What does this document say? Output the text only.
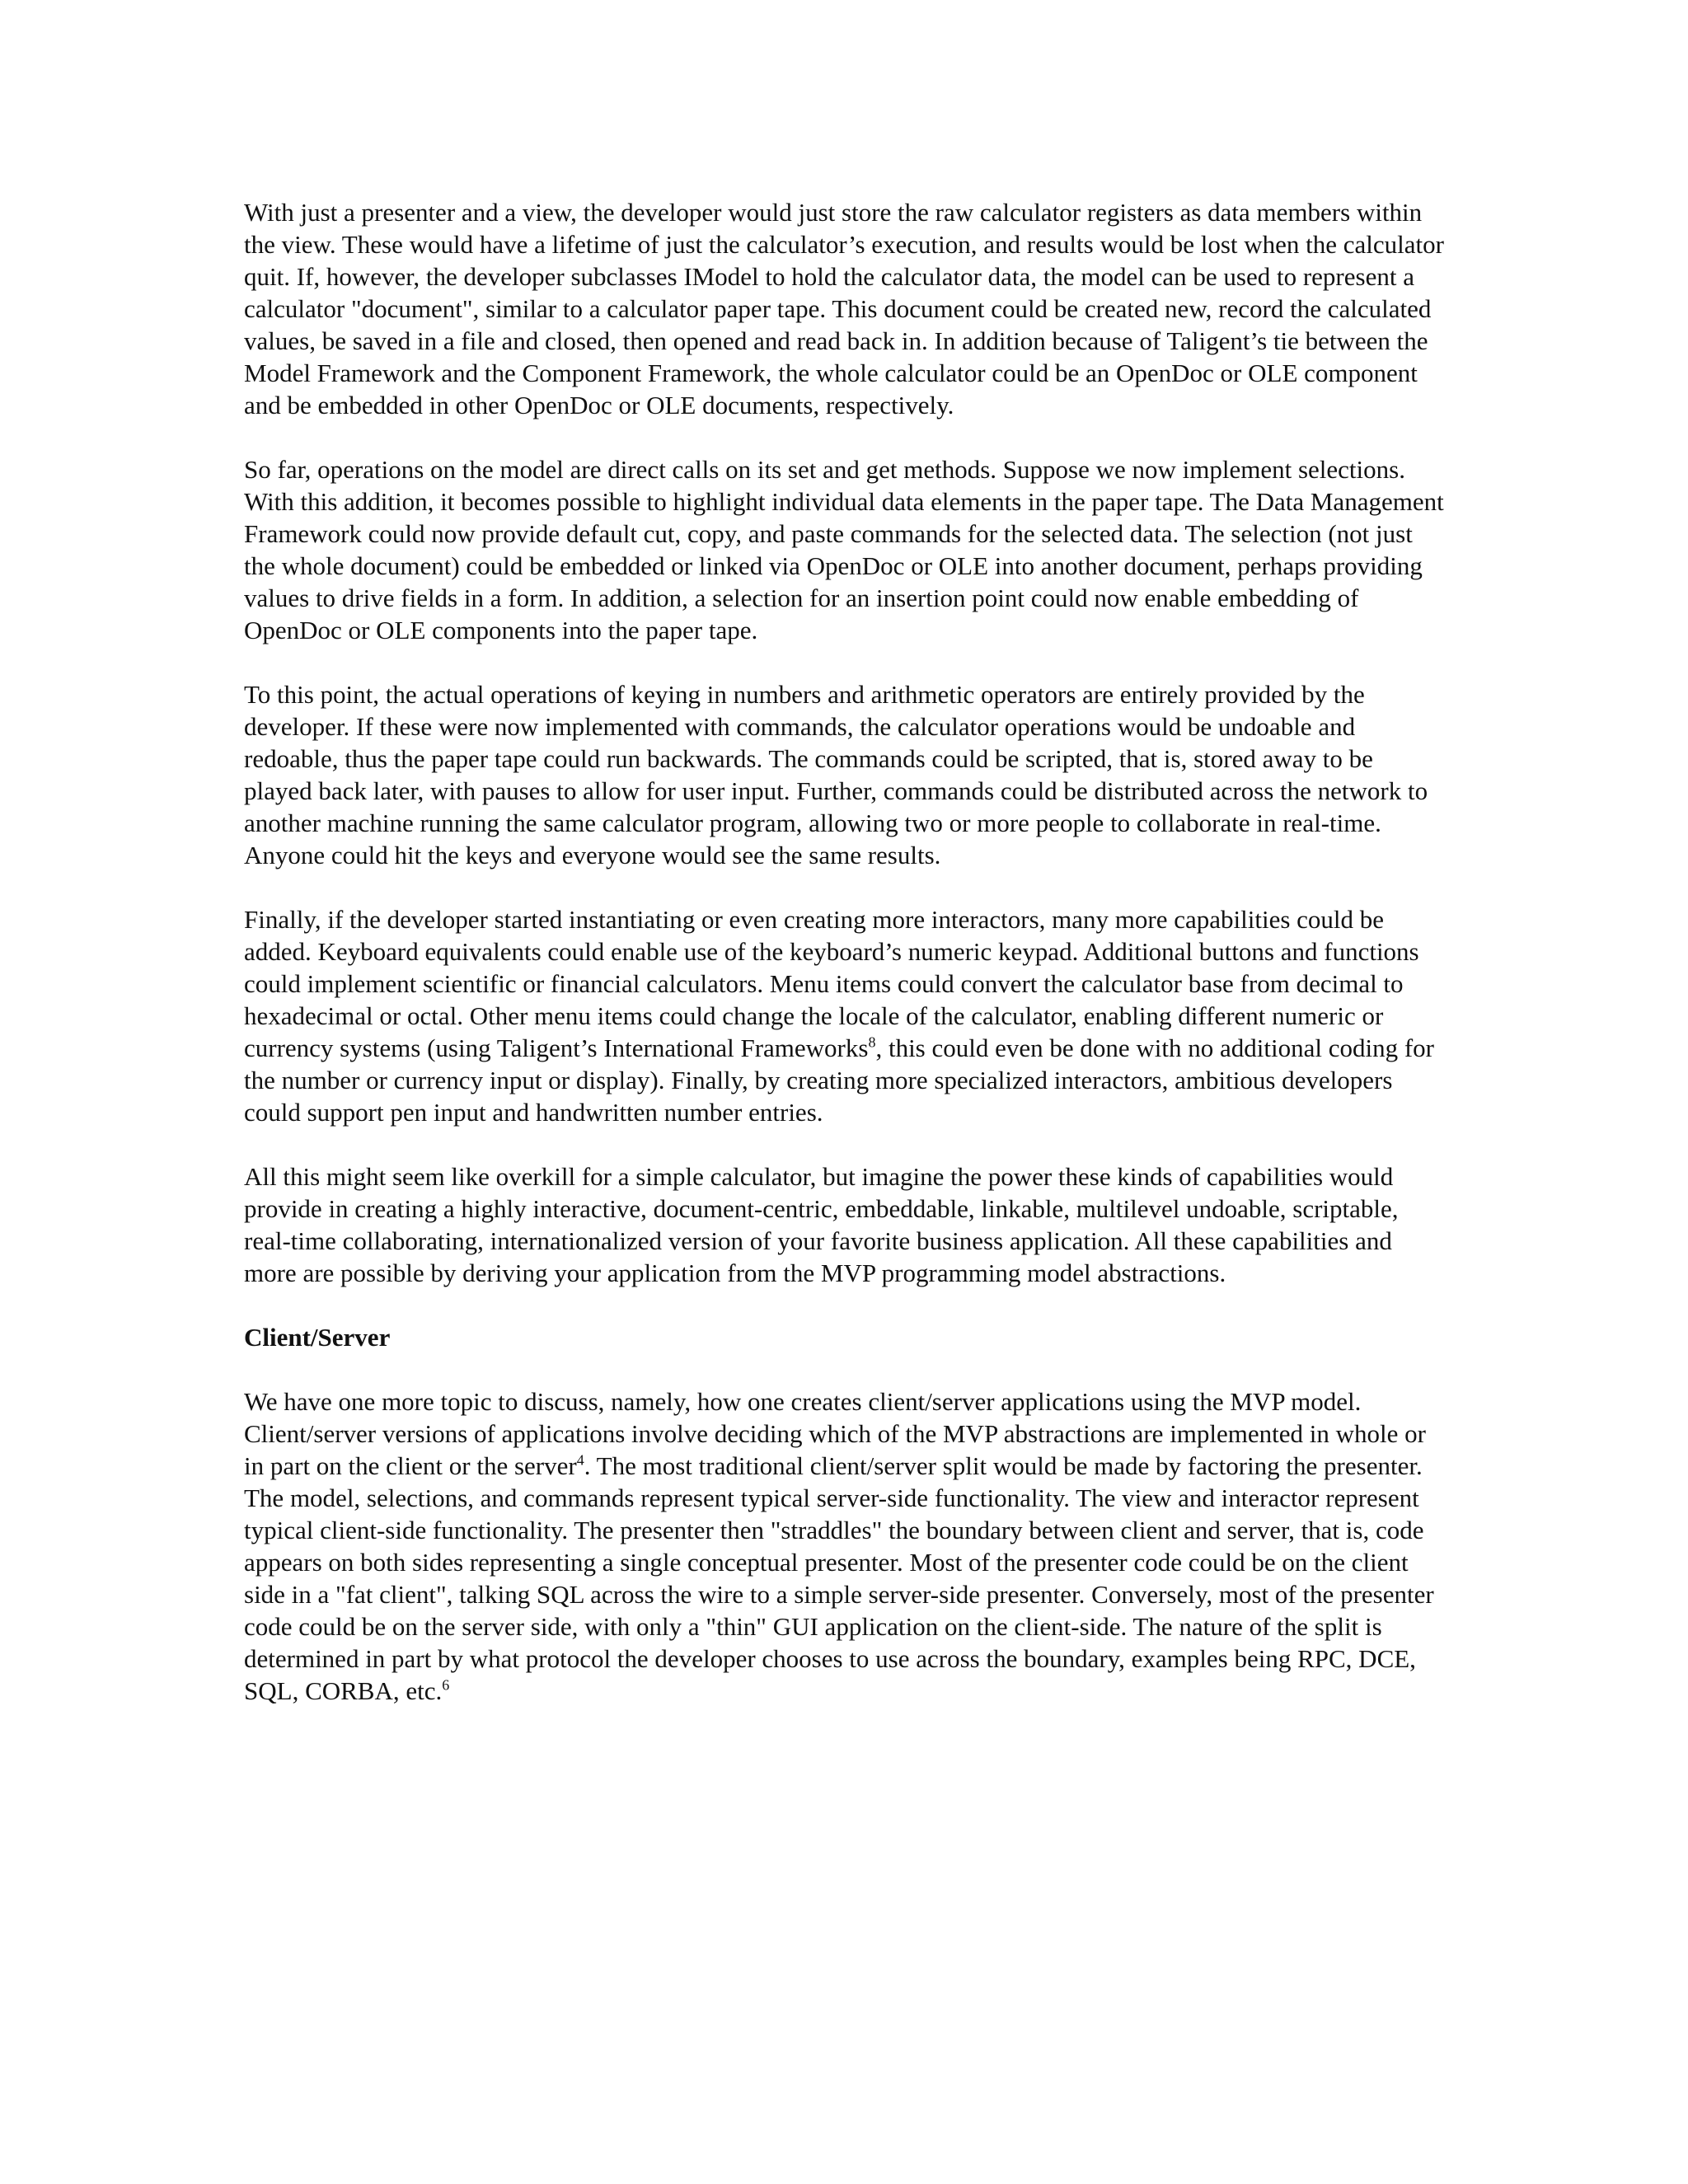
With just a presenter and a view, the developer would just store the raw calculator registers as data members within the view. These would have a lifetime of just the calculator’s execution, and results would be lost when the calculator quit. If, however, the developer subclasses IModel to hold the calculator data, the model can be used to represent a calculator "document", similar to a calculator paper tape. This document could be created new, record the calculated values, be saved in a file and closed, then opened and read back in. In addition because of Taligent’s tie between the Model Framework and the Component Framework, the whole calculator could be an OpenDoc or OLE component and be embedded in other OpenDoc or OLE documents, respectively.

So far, operations on the model are direct calls on its set and get methods. Suppose we now implement selections. With this addition, it becomes possible to highlight individual data elements in the paper tape. The Data Management Framework could now provide default cut, copy, and paste commands for the selected data. The selection (not just the whole document) could be embedded or linked via OpenDoc or OLE into another document, perhaps providing values to drive fields in a form. In addition, a selection for an insertion point could now enable embedding of OpenDoc or OLE components into the paper tape.

To this point, the actual operations of keying in numbers and arithmetic operators are entirely provided by the developer. If these were now implemented with commands, the calculator operations would be undoable and redoable, thus the paper tape could run backwards. The commands could be scripted, that is, stored away to be played back later, with pauses to allow for user input. Further, commands could be distributed across the network to another machine running the same calculator program, allowing two or more people to collaborate in real-time. Anyone could hit the keys and everyone would see the same results.

Finally, if the developer started instantiating or even creating more interactors, many more capabilities could be added. Keyboard equivalents could enable use of the keyboard’s numeric keypad. Additional buttons and functions could implement scientific or financial calculators. Menu items could convert the calculator base from decimal to hexadecimal or octal. Other menu items could change the locale of the calculator, enabling different numeric or currency systems (using Taligent’s International Frameworks$^8$, this could even be done with no additional coding for the number or currency input or display). Finally, by creating more specialized interactors, ambitious developers could support pen input and handwritten number entries.

All this might seem like overkill for a simple calculator, but imagine the power these kinds of capabilities would provide in creating a highly interactive, document-centric, embeddable, linkable, multilevel undoable, scriptable, real-time collaborating, internationalized version of your favorite business application. All these capabilities and more are possible by deriving your application from the MVP programming model abstractions.

Client/Server

We have one more topic to discuss, namely, how one creates client/server applications using the MVP model. Client/server versions of applications involve deciding which of the MVP abstractions are implemented in whole or in part on the client or the server$^4$. The most traditional client/server split would be made by factoring the presenter. The model, selections, and commands represent typical server-side functionality. The view and interactor represent typical client-side functionality. The presenter then "straddles" the boundary between client and server, that is, code appears on both sides representing a single conceptual presenter. Most of the presenter code could be on the client side in a "fat client", talking SQL across the wire to a simple server-side presenter. Conversely, most of the presenter code could be on the server side, with only a "thin" GUI application on the client-side. The nature of the split is determined in part by what protocol the developer chooses to use across the boundary, examples being RPC, DCE, SQL, CORBA, etc.$^6$
